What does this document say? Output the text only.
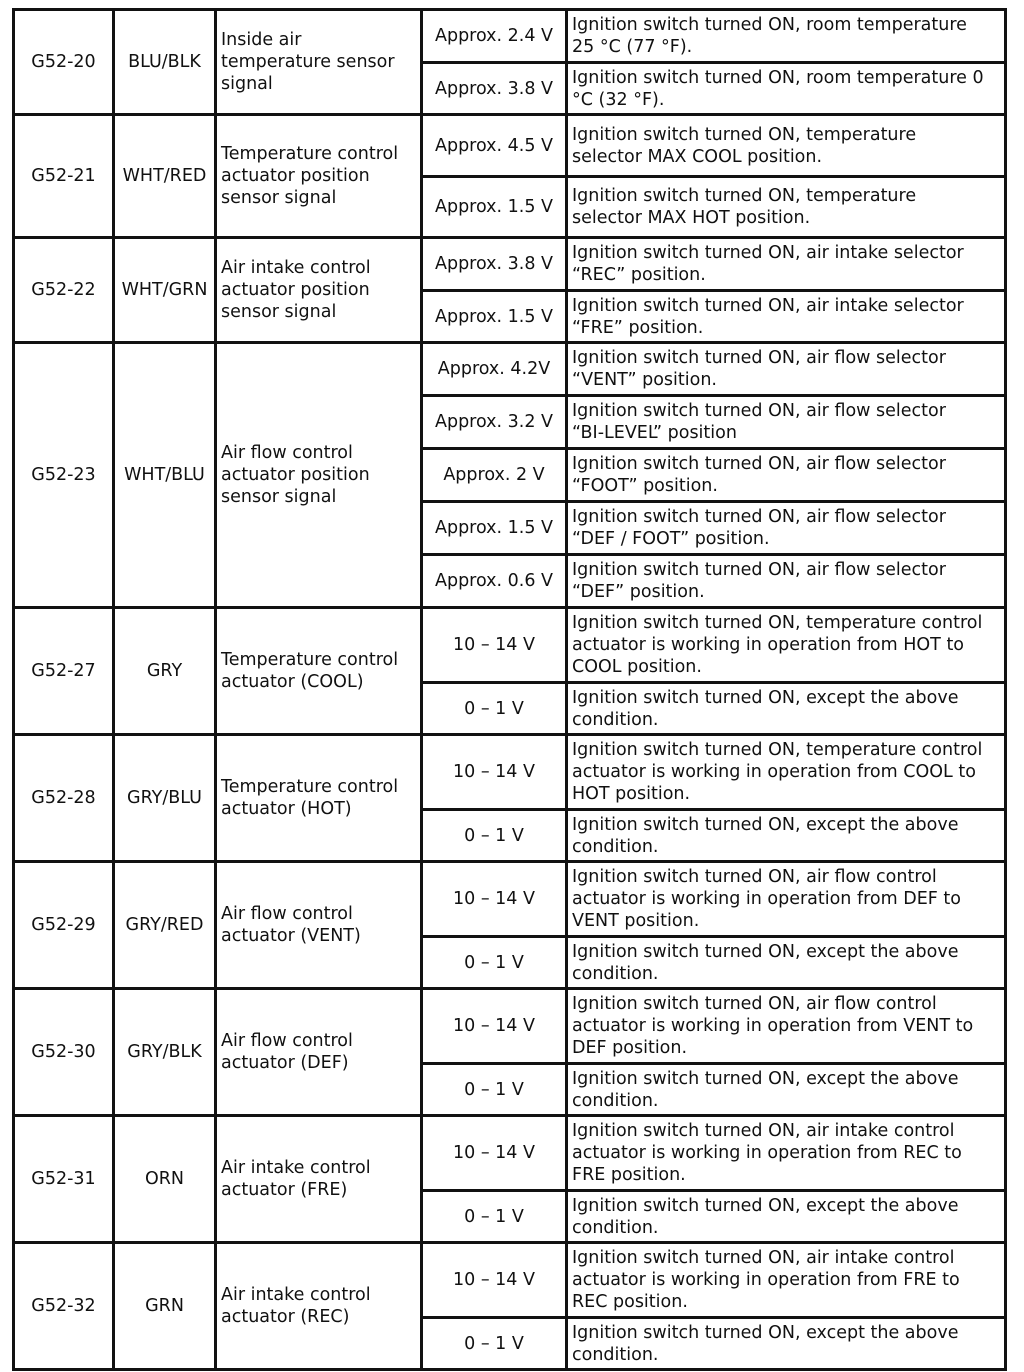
G52-20	BLU/BLK	Inside air
temperature sensor
signal	Approx. 2.4 V	Ignition switch turned ON, room temperature
25 °C (77 °F).

			Approx. 3.8 V	Ignition switch turned ON, room temperature 0
°C (32 °F).

G52-21	WHT/RED	Temperature control
actuator position
sensor signal	Approx. 4.5 V	Ignition switch turned ON, temperature
selector MAX COOL position.

			Approx. 1.5 V	Ignition switch turned ON, temperature
selector MAX HOT position.

G52-22	WHT/GRN	Air intake control
actuator position
sensor signal	Approx. 3.8 V	Ignition switch turned ON, air intake selector
“REC” position.

			Approx. 1.5 V	Ignition switch turned ON, air intake selector
“FRE” position.

G52-23	WHT/BLU	Air flow control
actuator position
sensor signal	Approx. 4.2V	Ignition switch turned ON, air flow selector
“VENT” position.

			Approx. 3.2 V	Ignition switch turned ON, air flow selector
“BI-LEVEL” position

			Approx. 2 V	Ignition switch turned ON, air flow selector
“FOOT” position.

			Approx. 1.5 V	Ignition switch turned ON, air flow selector
“DEF / FOOT” position.

			Approx. 0.6 V	Ignition switch turned ON, air flow selector
“DEF” position.

G52-27	GRY	Temperature control
actuator (COOL)	10 – 14 V	Ignition switch turned ON, temperature control
actuator is working in operation from HOT to
COOL position.

			0 – 1 V	Ignition switch turned ON, except the above
condition.

G52-28	GRY/BLU	Temperature control
actuator (HOT)	10 – 14 V	Ignition switch turned ON, temperature control
actuator is working in operation from COOL to
HOT position.

			0 – 1 V	Ignition switch turned ON, except the above
condition.

G52-29	GRY/RED	Air flow control
actuator (VENT)	10 – 14 V	Ignition switch turned ON, air flow control
actuator is working in operation from DEF to
VENT position.

			0 – 1 V	Ignition switch turned ON, except the above
condition.

G52-30	GRY/BLK	Air flow control
actuator (DEF)	10 – 14 V	Ignition switch turned ON, air flow control
actuator is working in operation from VENT to
DEF position.

			0 – 1 V	Ignition switch turned ON, except the above
condition.

G52-31	ORN	Air intake control
actuator (FRE)	10 – 14 V	Ignition switch turned ON, air intake control
actuator is working in operation from REC to
FRE position.

			0 – 1 V	Ignition switch turned ON, except the above
condition.

G52-32	GRN	Air intake control
actuator (REC)	10 – 14 V	Ignition switch turned ON, air intake control
actuator is working in operation from FRE to
REC position.

			0 – 1 V	Ignition switch turned ON, except the above
condition.
